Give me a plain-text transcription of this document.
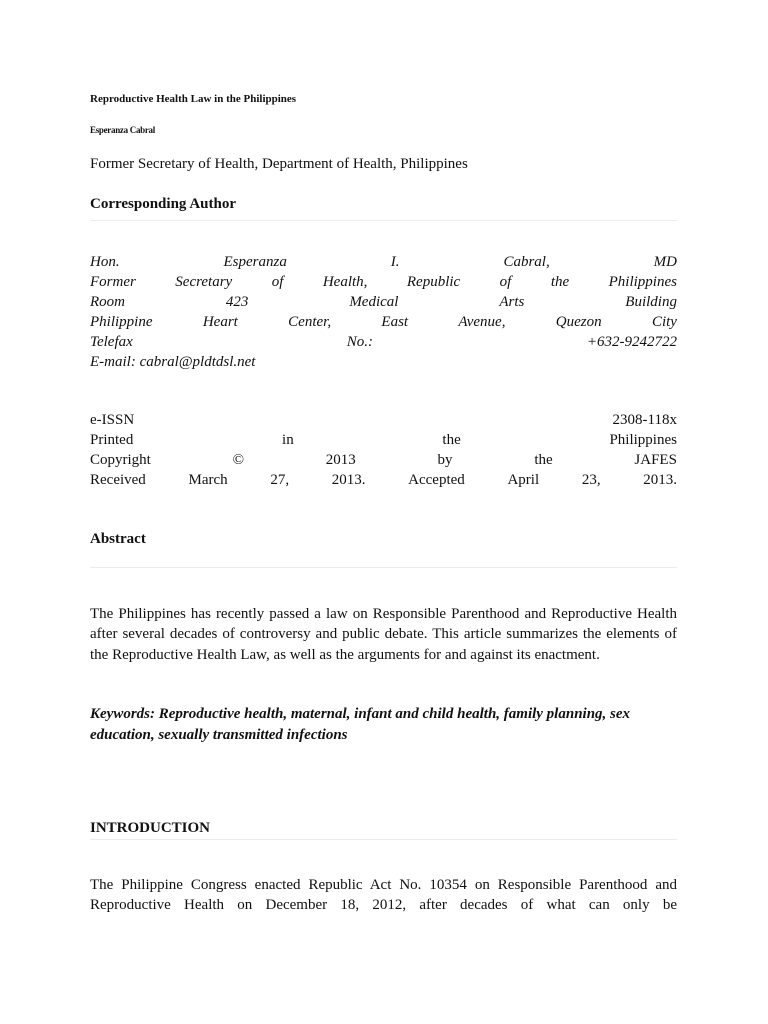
Reproductive Health Law in the Philippines
Esperanza Cabral
Former Secretary of Health, Department of Health, Philippines
Corresponding Author
Hon.	Esperanza	I.	Cabral,	MD
Former	Secretary	of	Health,	Republic	of	the	Philippines
Room	423	Medical	Arts	Building
Philippine	Heart	Center,	East	Avenue,	Quezon	City
Telefax	No.:	+632-9242722
E-mail: cabral@pldtdsl.net
e-ISSN	2308-118x
Printed	in	the	Philippines
Copyright	©	2013	by	the	JAFES
Received	March	27,	2013.	Accepted	April	23,	2013.
Abstract
The Philippines has recently passed a law on Responsible Parenthood and Reproductive Health after several decades of controversy and public debate. This article summarizes the elements of the Reproductive Health Law, as well as the arguments for and against its enactment.
Keywords: Reproductive health, maternal, infant and child health, family planning, sex education, sexually transmitted infections
INTRODUCTION
The Philippine Congress enacted Republic Act No. 10354 on Responsible Parenthood and Reproductive Health on December 18, 2012, after decades of what can only be
